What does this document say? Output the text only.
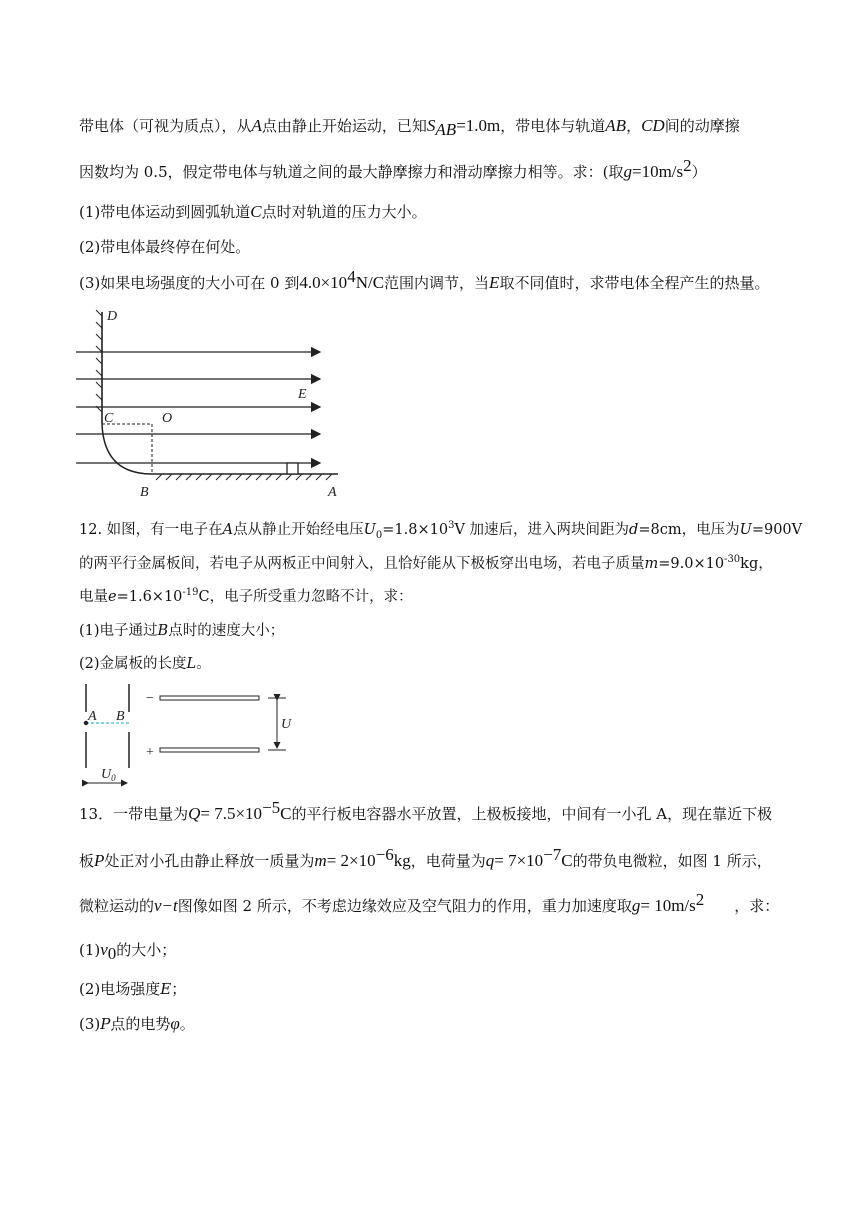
带电体（可视为质点），从A点由静止开始运动，已知$S_{AB}=1.0m$，带电体与轨道AB，CD间的动摩擦
因数均为 0.5，假定带电体与轨道之间的最大静摩擦力和滑动摩擦力相等。求：(取$g=10m/s^2$）
(1)带电体运动到圆弧轨道C点时对轨道的压力大小。
(2)带电体最终停在何处。
(3)如果电场强度的大小可在 0 到$4.0\times 10^4N/C$范围内调节，当E取不同值时，求带电体全程产生的热量。
D
E
C	O
B	A
12. 如图，有一电子在A点从静止开始经电压$U_0=1.8\times 10^3V$ 加速后，进入两块间距为d=8cm，电压为U=900V
的两平行金属板间，若电子从两板正中间射入，且恰好能从下极板穿出电场，若电子质量$m=9.0\times 10^{-30}kg$，
电量$e=1.6\times 10^{-19}C$，电子所受重力忽略不计，求：
(1)电子通过B点时的速度大小；
(2)金属板的长度L。
A B
$U_0$
−
+
U
13．一带电量为$Q= 7.5\times 10^{-5}C$的平行板电容器水平放置，上极板接地，中间有一小孔 A，现在靠近下极
板P处正对小孔由静止释放一质量为$m= 2\times 10^{-6}kg$，电荷量为$q= 7\times 10^{-7}C$的带负电微粒，如图 1 所示，
微粒运动的v−t图像如图 2 所示，不考虑边缘效应及空气阻力的作用，重力加速度取$g= 10m/s^2$ ，求：
$(1)v_0$的大小；
(2)电场强度E；
(3)P点的电势φ。
